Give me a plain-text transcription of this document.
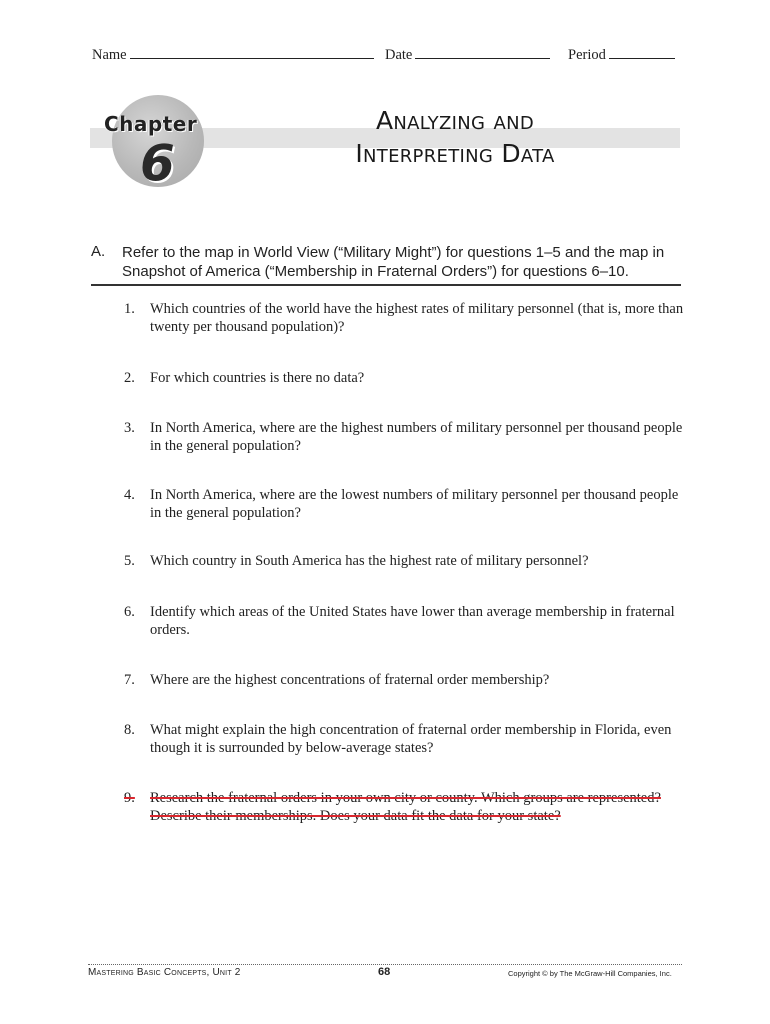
Name	Date	Period
Chapter
6
Analyzing and
Interpreting Data
A. Refer to the map in World View (“Military Might”) for questions 1–5 and the map in Snapshot of America (“Membership in Fraternal Orders”) for questions 6–10.
1. Which countries of the world have the highest rates of military personnel (that is, more than twenty per thousand population)?
2. For which countries is there no data?
3. In North America, where are the highest numbers of military personnel per thousand people in the general population?
4. In North America, where are the lowest numbers of military personnel per thousand people in the general population?
5. Which country in South America has the highest rate of military personnel?
6. Identify which areas of the United States have lower than average membership in fraternal orders.
7. Where are the highest concentrations of fraternal order membership?
8. What might explain the high concentration of fraternal order membership in Florida, even though it is surrounded by below-average states?
9. Research the fraternal orders in your own city or county. Which groups are represented? Describe their memberships. Does your data fit the data for your state?
Mastering Basic Concepts, Unit 2	68	Copyright © by The McGraw-Hill Companies, Inc.
